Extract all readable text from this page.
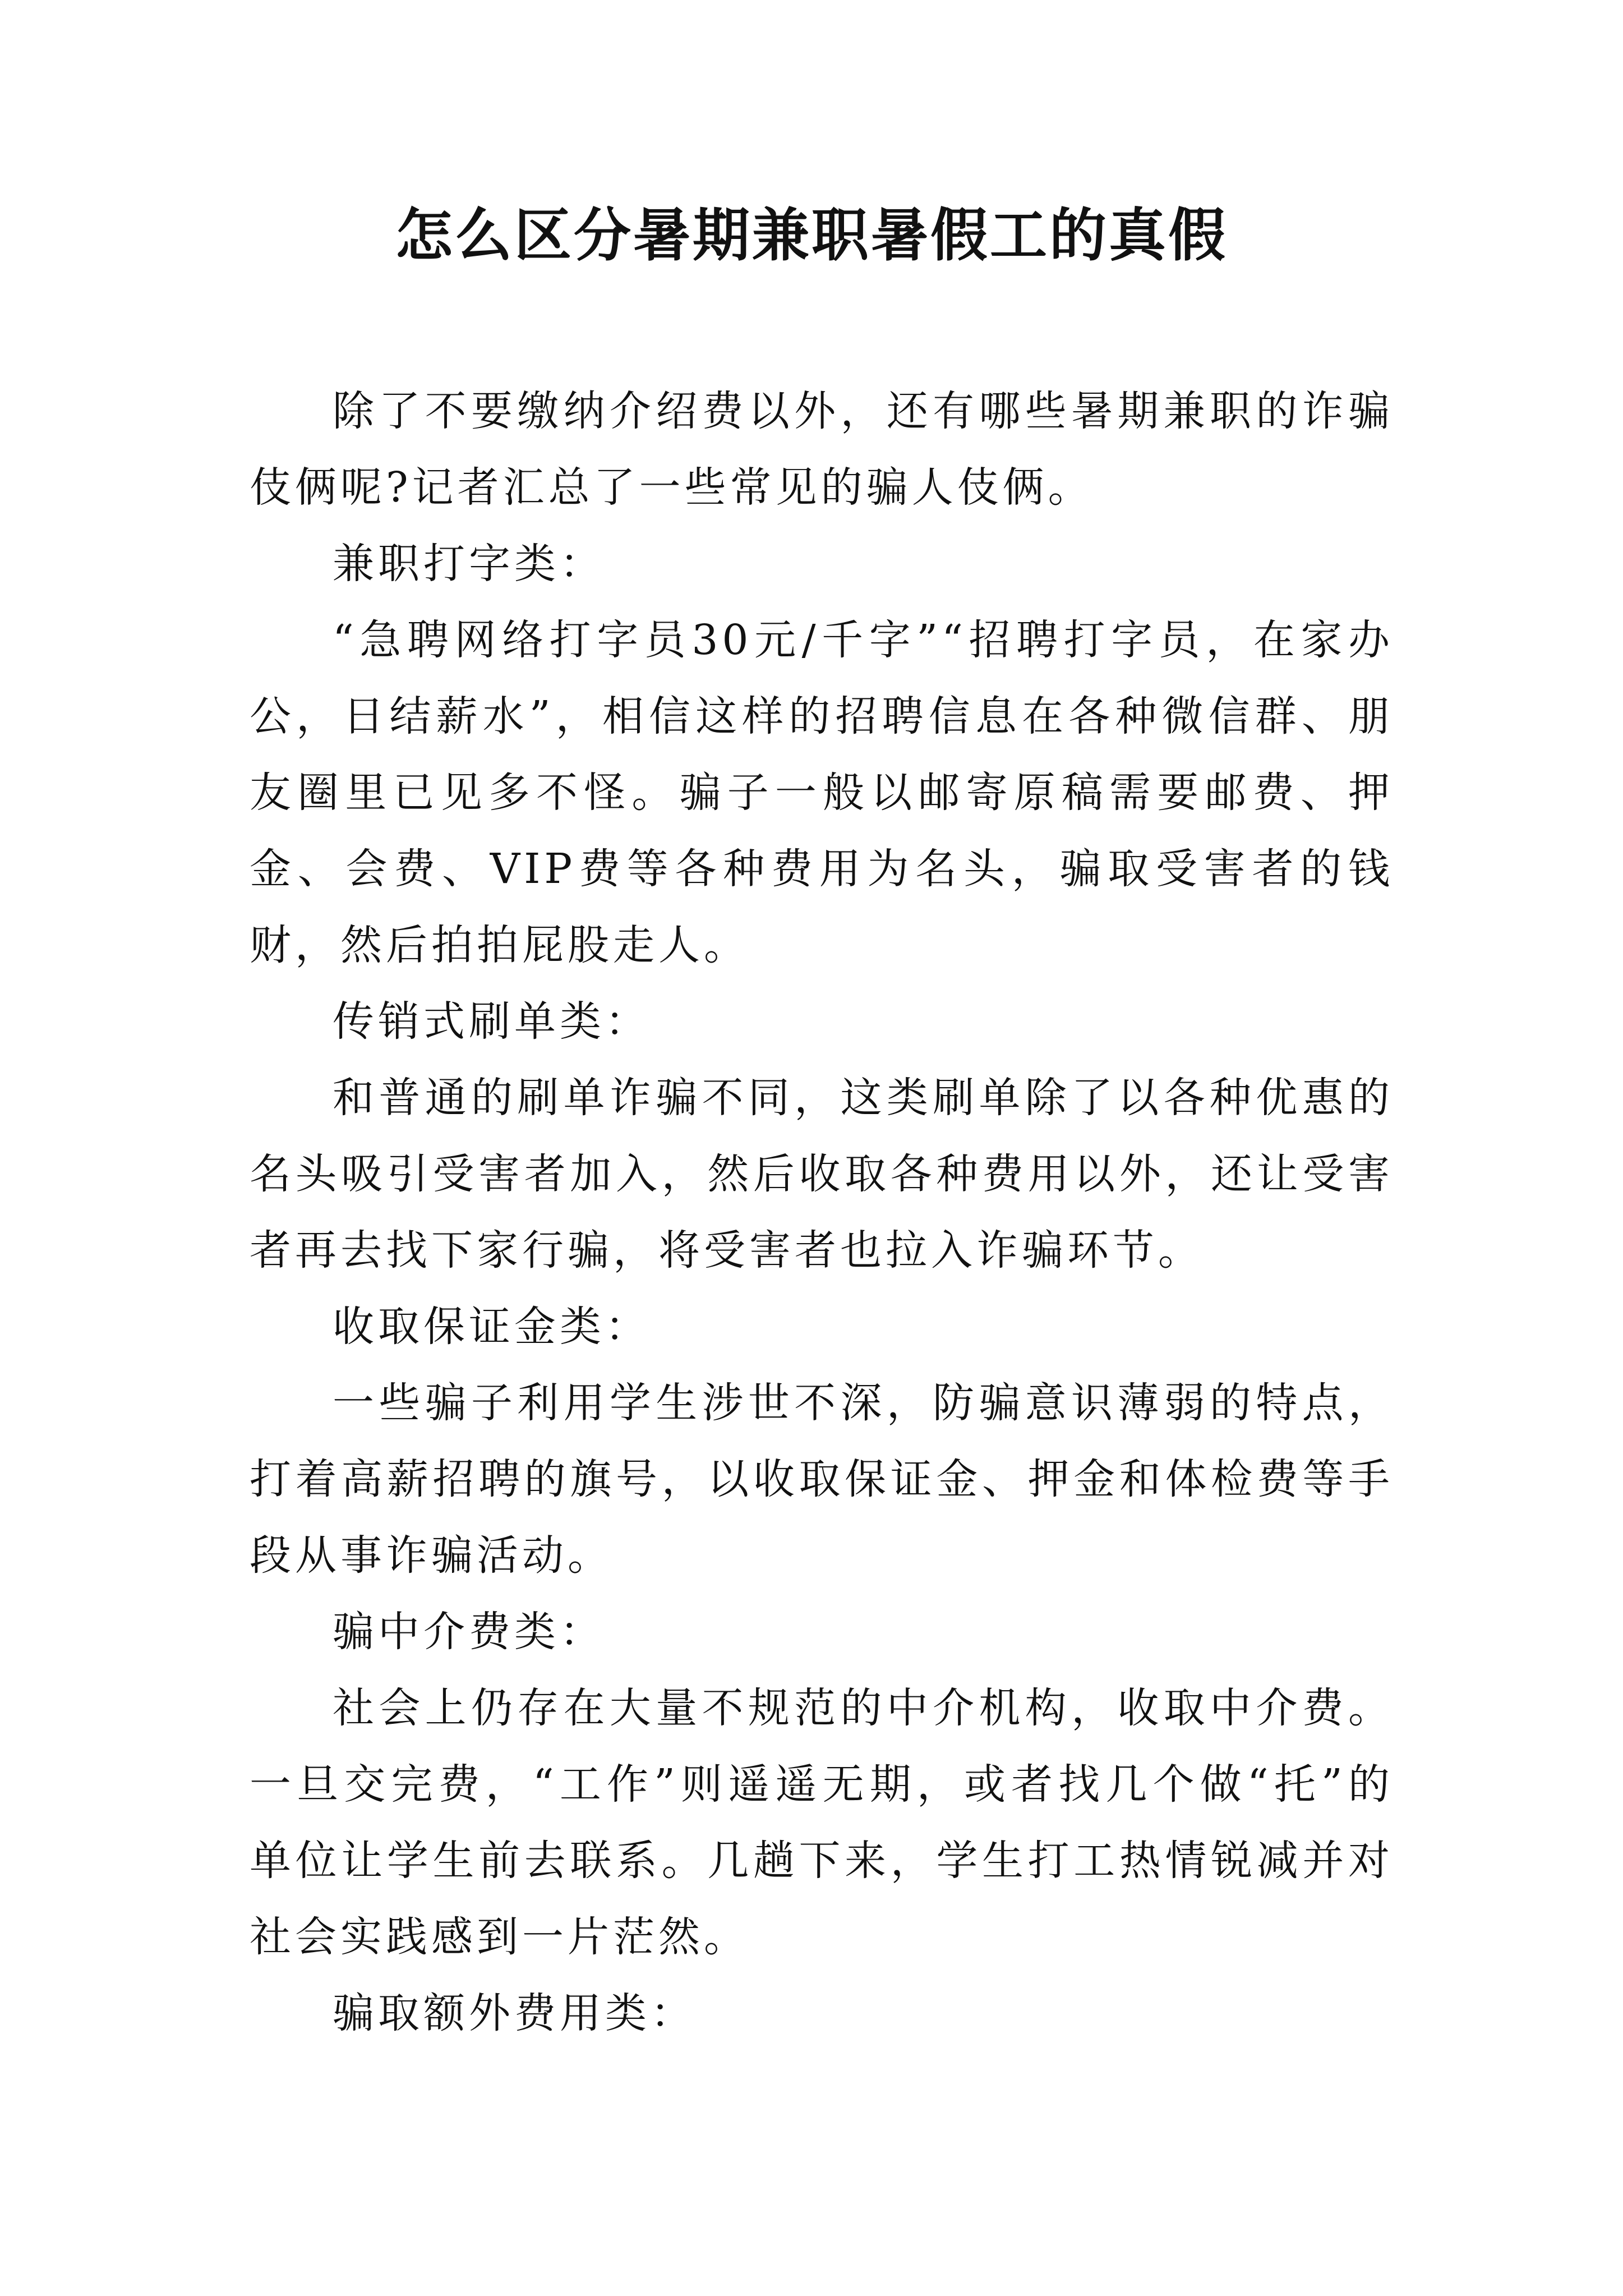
怎么区分暑期兼职暑假工的真假

除了不要缴纳介绍费以外，还有哪些暑期兼职的诈骗伎俩呢?记者汇总了一些常见的骗人伎俩。

兼职打字类：

“急聘网络打字员30元/千字”“招聘打字员，在家办公，日结薪水”，相信这样的招聘信息在各种微信群、朋友圈里已见多不怪。骗子一般以邮寄原稿需要邮费、押金、会费、VIP费等各种费用为名头，骗取受害者的钱财，然后拍拍屁股走人。

传销式刷单类：

和普通的刷单诈骗不同，这类刷单除了以各种优惠的名头吸引受害者加入，然后收取各种费用以外，还让受害者再去找下家行骗，将受害者也拉入诈骗环节。

收取保证金类：

一些骗子利用学生涉世不深，防骗意识薄弱的特点，打着高薪招聘的旗号，以收取保证金、押金和体检费等手段从事诈骗活动。

骗中介费类：

社会上仍存在大量不规范的中介机构，收取中介费。一旦交完费，“工作”则遥遥无期，或者找几个做“托”的单位让学生前去联系。几趟下来，学生打工热情锐减并对社会实践感到一片茫然。

骗取额外费用类：
